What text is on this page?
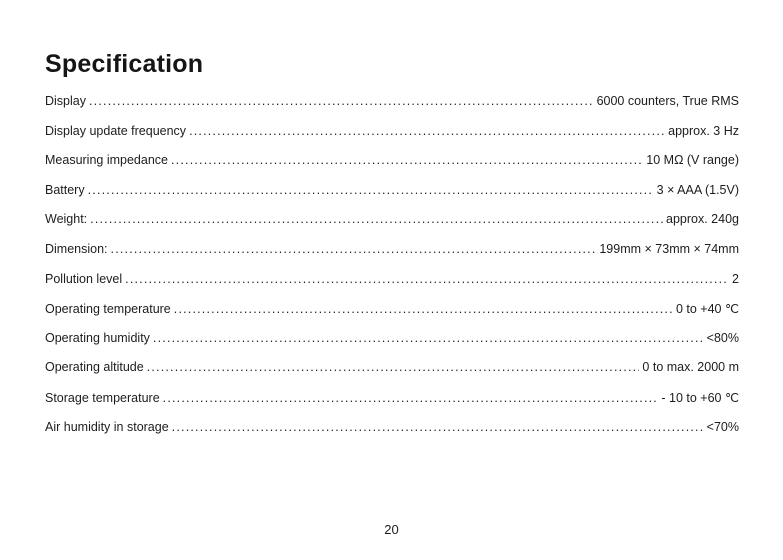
Specification
Display .....	6000 counters, True RMS
Display update frequency .....	approx. 3 Hz
Measuring impedance .....	10 MΩ (V range)
Battery .....	3 × AAA (1.5V)
Weight: .....	approx. 240g
Dimension: .....	199mm × 73mm × 74mm
Pollution level .....	2
Operating temperature .....	0 to +40 ℃
Operating humidity .....	<80%
Operating altitude .....	0 to max. 2000 m
Storage temperature .....	- 10 to +60 ℃
Air humidity in storage .....	<70%
20
